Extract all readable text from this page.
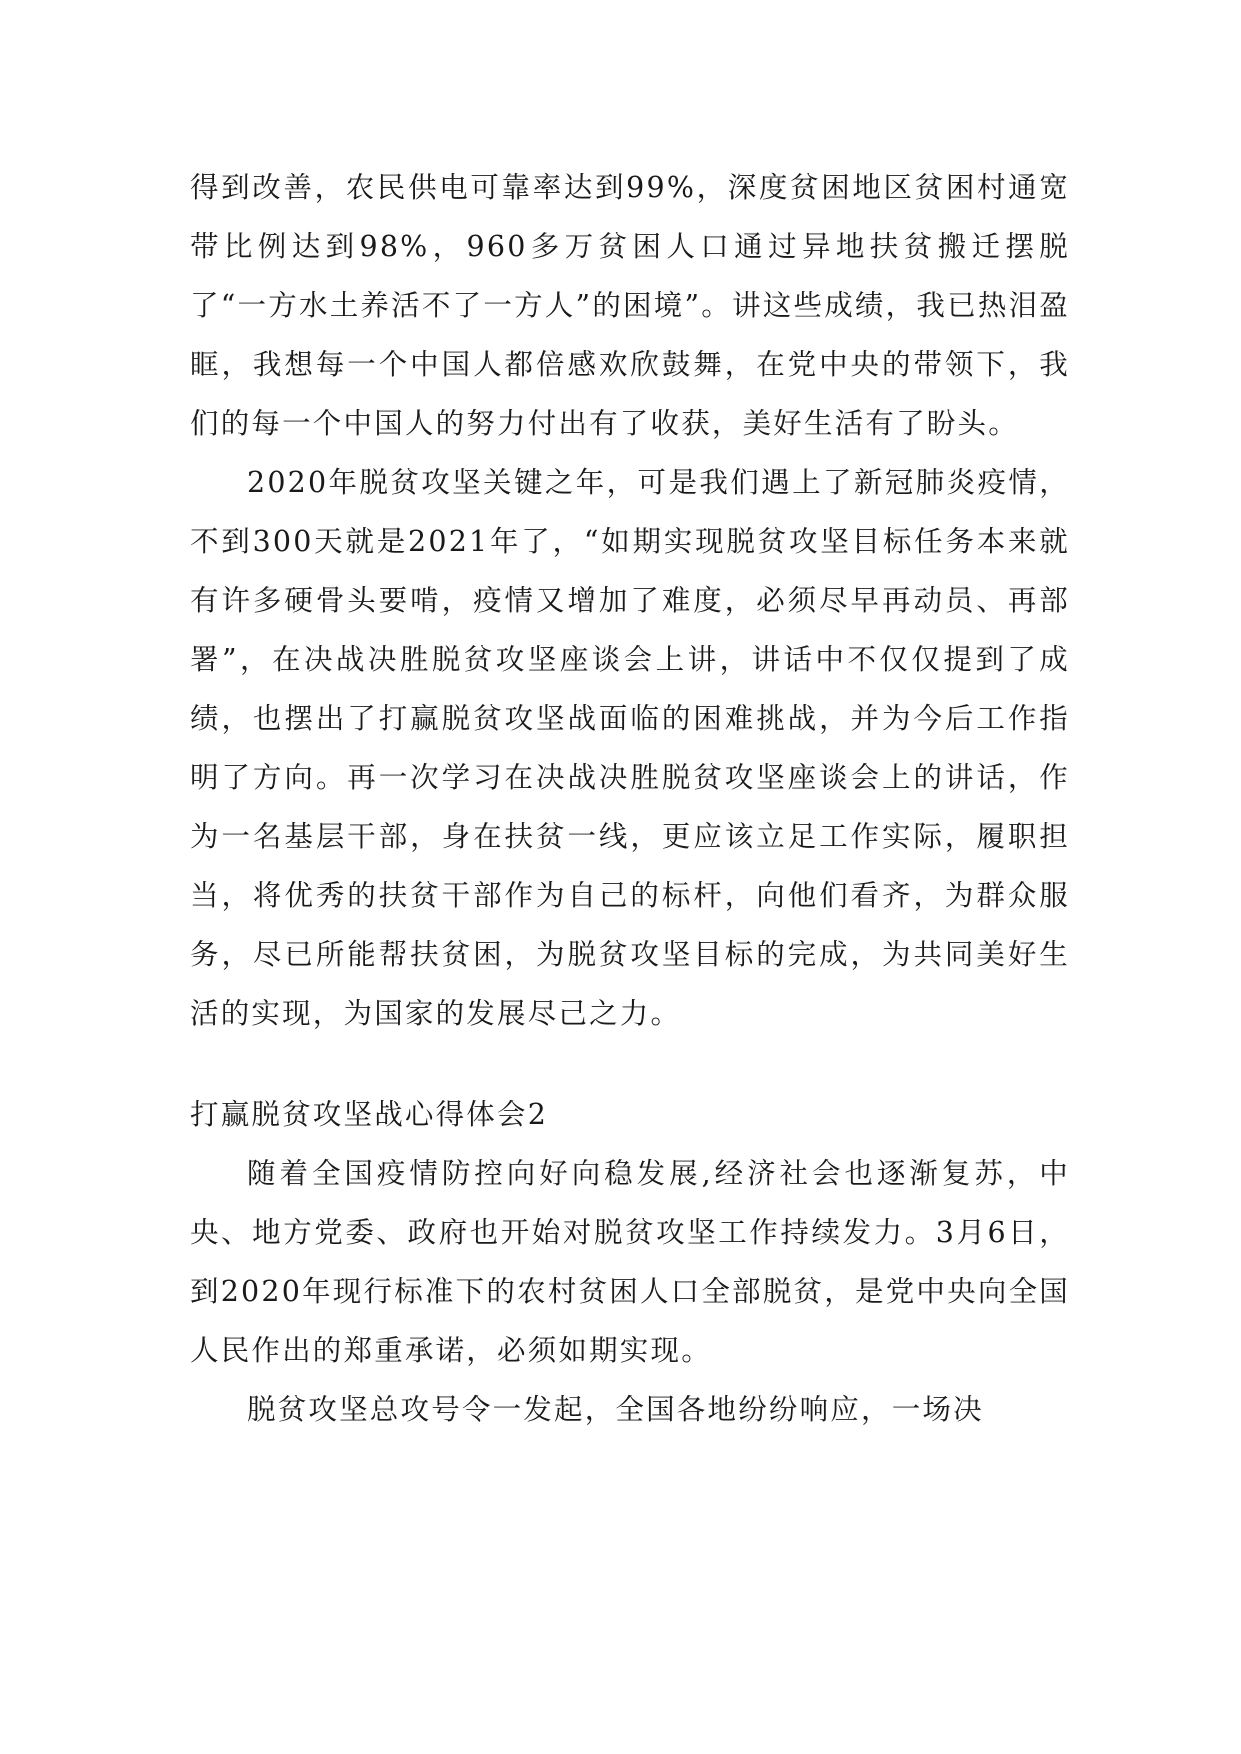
得到改善，农民供电可靠率达到99%，深度贫困地区贫困村通宽带比例达到98%，960多万贫困人口通过异地扶贫搬迁摆脱了“一方水土养活不了一方人”的困境”。讲这些成绩，我已热泪盈眶，我想每一个中国人都倍感欢欣鼓舞，在党中央的带领下，我们的每一个中国人的努力付出有了收获，美好生活有了盼头。

2020年脱贫攻坚关键之年，可是我们遇上了新冠肺炎疫情，不到300天就是2021年了，“如期实现脱贫攻坚目标任务本来就有许多硬骨头要啃，疫情又增加了难度，必须尽早再动员、再部署”，在决战决胜脱贫攻坚座谈会上讲，讲话中不仅仅提到了成绩，也摆出了打赢脱贫攻坚战面临的困难挑战，并为今后工作指明了方向。再一次学习在决战决胜脱贫攻坚座谈会上的讲话，作为一名基层干部，身在扶贫一线，更应该立足工作实际，履职担当，将优秀的扶贫干部作为自己的标杆，向他们看齐，为群众服务，尽已所能帮扶贫困，为脱贫攻坚目标的完成，为共同美好生活的实现，为国家的发展尽己之力。

打赢脱贫攻坚战心得体会2

随着全国疫情防控向好向稳发展,经济社会也逐渐复苏，中央、地方党委、政府也开始对脱贫攻坚工作持续发力。3月6日，到2020年现行标准下的农村贫困人口全部脱贫，是党中央向全国人民作出的郑重承诺，必须如期实现。

脱贫攻坚总攻号令一发起，全国各地纷纷响应，一场决
